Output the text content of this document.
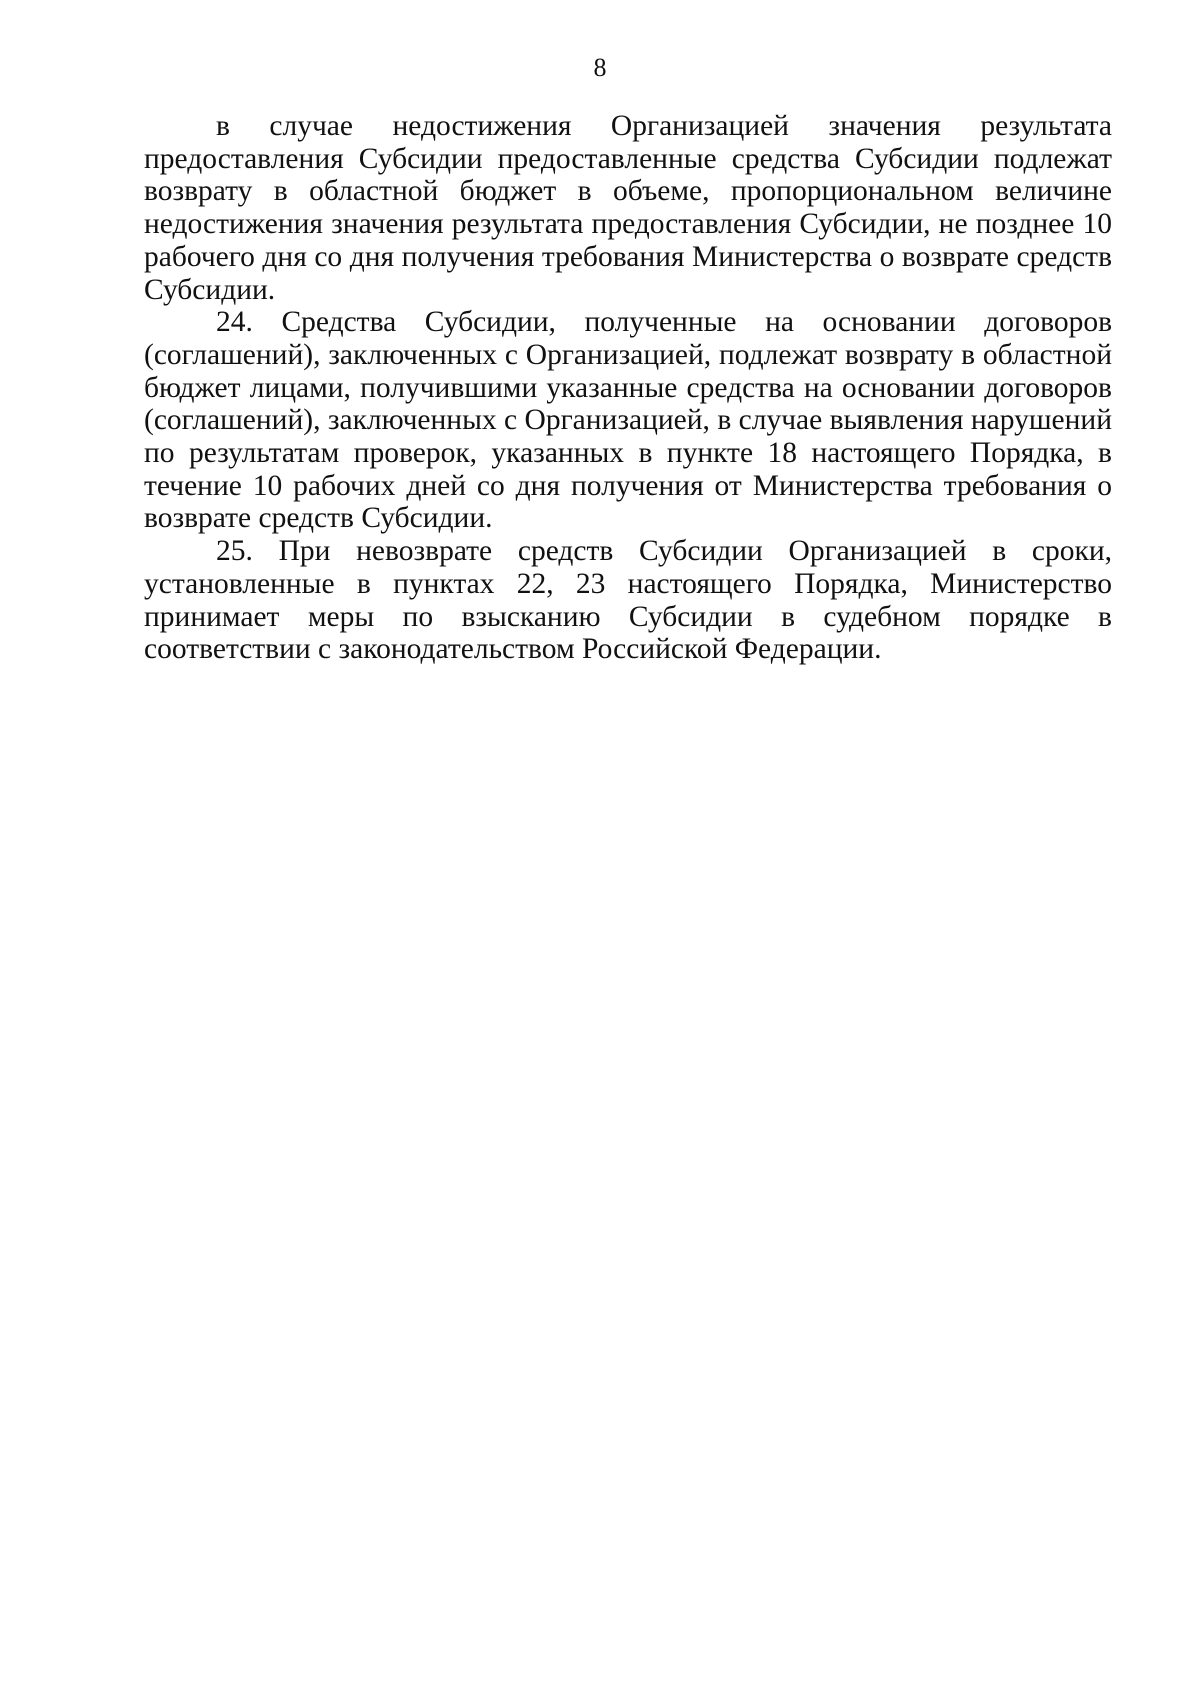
8

в случае недостижения Организацией значения результата предоставления Субсидии предоставленные средства Субсидии подлежат возврату в областной бюджет в объеме, пропорциональном величине недостижения значения результата предоставления Субсидии, не позднее 10 рабочего дня со дня получения требования Министерства о возврате средств Субсидии.

24. Средства Субсидии, полученные на основании договоров (соглашений), заключенных с Организацией, подлежат возврату в областной бюджет лицами, получившими указанные средства на основании договоров (соглашений), заключенных с Организацией, в случае выявления нарушений по результатам проверок, указанных в пункте 18 настоящего Порядка, в течение 10 рабочих дней со дня получения от Министерства требования о возврате средств Субсидии.

25. При невозврате средств Субсидии Организацией в сроки, установленные в пунктах 22, 23 настоящего Порядка, Министерство принимает меры по взысканию Субсидии в судебном порядке в соответствии с законодательством Российской Федерации.
